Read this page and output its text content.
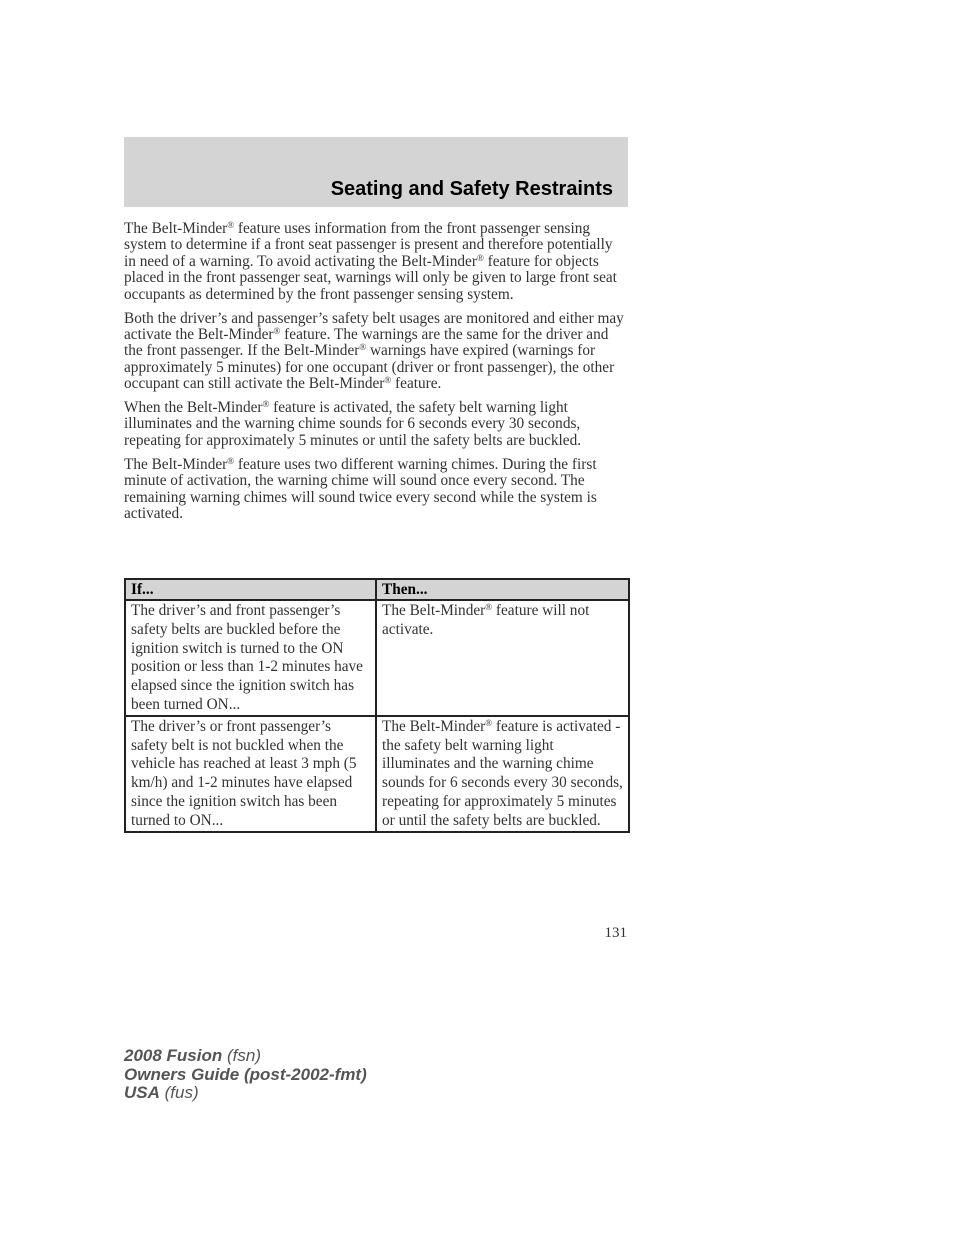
Seating and Safety Restraints

The Belt-Minder® feature uses information from the front passenger sensing system to determine if a front seat passenger is present and therefore potentially in need of a warning. To avoid activating the Belt-Minder® feature for objects placed in the front passenger seat, warnings will only be given to large front seat occupants as determined by the front passenger sensing system.

Both the driver’s and passenger’s safety belt usages are monitored and either may activate the Belt-Minder® feature. The warnings are the same for the driver and the front passenger. If the Belt-Minder® warnings have expired (warnings for approximately 5 minutes) for one occupant (driver or front passenger), the other occupant can still activate the Belt-Minder® feature.

When the Belt-Minder® feature is activated, the safety belt warning light illuminates and the warning chime sounds for 6 seconds every 30 seconds, repeating for approximately 5 minutes or until the safety belts are buckled.

The Belt-Minder® feature uses two different warning chimes. During the first minute of activation, the warning chime will sound once every second. The remaining warning chimes will sound twice every second while the system is activated.

If...	Then...
The driver’s and front passenger’s safety belts are buckled before the ignition switch is turned to the ON position or less than 1-2 minutes have elapsed since the ignition switch has been turned ON...	The Belt-Minder® feature will not activate.
The driver’s or front passenger’s safety belt is not buckled when the vehicle has reached at least 3 mph (5 km/h) and 1-2 minutes have elapsed since the ignition switch has been turned to ON...	The Belt-Minder® feature is activated - the safety belt warning light illuminates and the warning chime sounds for 6 seconds every 30 seconds, repeating for approximately 5 minutes or until the safety belts are buckled.
131
2008 Fusion (fsn)
Owners Guide (post-2002-fmt)
USA (fus)
